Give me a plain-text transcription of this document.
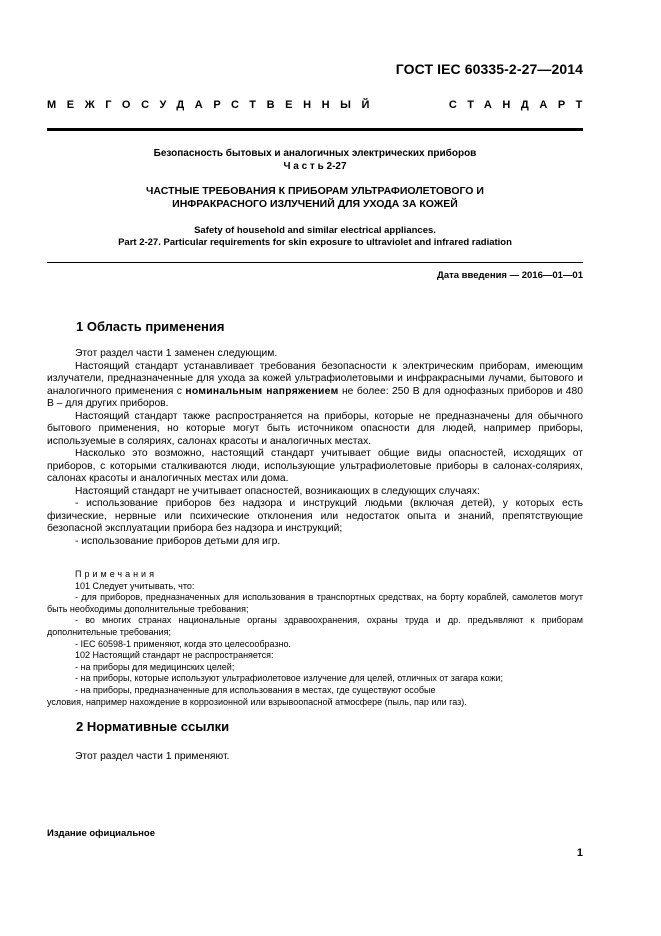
ГОСТ IEC 60335-2-27—2014
МЕЖГОСУДАРСТВЕННЫЙ	СТАНДАРТ
Безопасность бытовых и аналогичных электрических приборов
Ч а с т ь 2-27
ЧАСТНЫЕ ТРЕБОВАНИЯ К ПРИБОРАМ УЛЬТРАФИОЛЕТОВОГО И
ИНФРАКРАСНОГО ИЗЛУЧЕНИЙ ДЛЯ УХОДА ЗА КОЖЕЙ
Safety of household and similar electrical appliances.
Part 2-27. Particular requirements for skin exposure to ultraviolet and infrared radiation
Дата введения — 2016—01—01
1 Область применения

Этот раздел части 1 заменен следующим.

Настоящий стандарт устанавливает требования безопасности к электрическим приборам, имеющим излучатели, предназначенные для ухода за кожей ультрафиолетовыми и инфракрасными лучами, бытового и аналогичного применения с номинальным напряжением не более: 250 В для однофазных приборов и 480 В – для других приборов.

Настоящий стандарт также распространяется на приборы, которые не предназначены для обычного бытового применения, но которые могут быть источником опасности для людей, например приборы, используемые в соляриях, салонах красоты и аналогичных местах.

Насколько это возможно, настоящий стандарт учитывает общие виды опасностей, исходящих от приборов, с которыми сталкиваются люди, использующие ультрафиолетовые приборы в салонах-соляриях, салонах красоты и аналогичных местах или дома.

Настоящий стандарт не учитывает опасностей, возникающих в следующих случаях:

- использование приборов без надзора и инструкций людьми (включая детей), у которых есть физические, нервные или психические отклонения или недостаток опыта и знаний, препятствующие безопасной эксплуатации прибора без надзора и инструкций;

- использование приборов детьми для игр.

Примечания

101 Следует учитывать, что:

- для приборов, предназначенных для использования в транспортных средствах, на борту кораблей, самолетов могут быть необходимы дополнительные требования;

- во многих странах национальные органы здравоохранения, охраны труда и др. предъявляют к приборам дополнительные требования;

- IEC 60598-1 применяют, когда это целесообразно.

102 Настоящий стандарт не распространяется:

- на приборы для медицинских целей;

- на приборы, которые используют ультрафиолетовое излучение для целей, отличных от загара кожи;

- на приборы, предназначенные для использования в местах, где существуют особые

условия, например нахождение в коррозионной или взрывоопасной атмосфере (пыль, пар или газ).

2 Нормативные ссылки

Этот раздел части 1 применяют.

Издание официальное
1
